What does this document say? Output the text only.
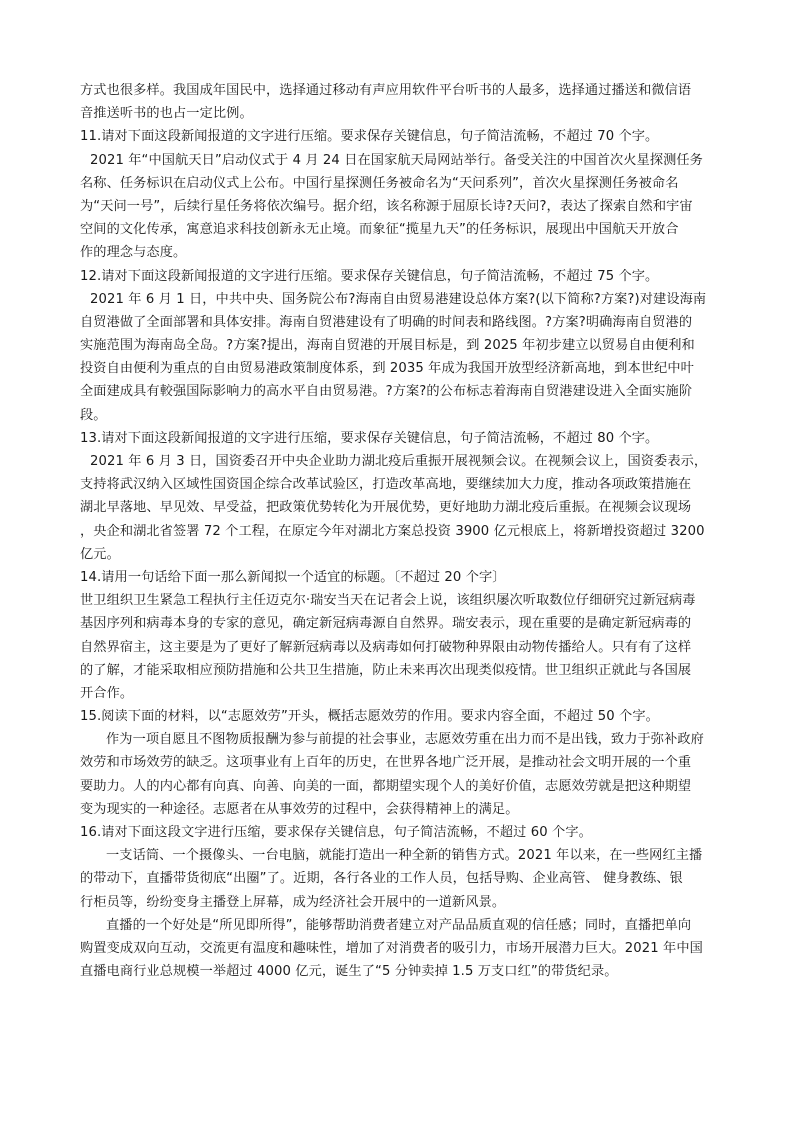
方式也很多样。我国成年国民中，选择通过移动有声应用软件平台听书的人最多，选择通过播送和微信语
音推送听书的也占一定比例。
11.请对下面这段新闻报道的文字进行压缩。要求保存关键信息，句子简洁流畅，不超过 70 个字。
2021 年“中国航天日”启动仪式于 4 月 24 日在国家航天局网站举行。备受关注的中国首次火星探测任务
名称、任务标识在启动仪式上公布。中国行星探测任务被命名为“天问系列”，首次火星探测任务被命名
为“天问一号”，后续行星任务将依次编号。据介绍，该名称源于屈原长诗?天问?，表达了探索自然和宇宙
空间的文化传承，寓意追求科技创新永无止境。而象征“揽星九天”的任务标识，展现出中国航天开放合
作的理念与态度。
12.请对下面这段新闻报道的文字进行压缩。要求保存关键信息，句子简洁流畅，不超过 75 个字。
2021 年 6 月 1 日，中共中央、国务院公布?海南自由贸易港建设总体方案?(以下简称?方案?)对建设海南
自贸港做了全面部署和具体安排。海南自贸港建设有了明确的时间表和路线图。?方案?明确海南自贸港的
实施范围为海南岛全岛。?方案?提出，海南自贸港的开展目标是，到 2025 年初步建立以贸易自由便利和
投资自由便利为重点的自由贸易港政策制度体系，到 2035 年成为我国开放型经济新高地，到本世纪中叶
全面建成具有較强国际影响力的高水平自由贸易港。?方案?的公布标志着海南自贸港建设进入全面实施阶
段。
13.请对下面这段新闻报道的文字进行压缩，要求保存关键信息，句子简洁流畅，不超过 80 个字。
2021 年 6 月 3 日，国资委召开中央企业助力湖北疫后重振开展视频会议。在视频会议上，国资委表示，
支持将武汉纳入区域性国资国企综合改革试验区，打造改革高地，要继续加大力度，推动各项政策措施在
湖北早落地、早见效、早受益，把政策优势转化为开展优势，更好地助力湖北疫后重振。在视频会议现场
，央企和湖北省签署 72 个工程，在原定今年对湖北方案总投资 3900 亿元根底上，将新增投资超过 3200
亿元。
14.请用一句话给下面一那么新闻拟一个适宜的标题。〔不超过 20 个字〕
世卫组织卫生紧急工程执行主任迈克尔·瑞安当天在记者会上说，该组织屡次听取数位仔细研究过新冠病毒
基因序列和病毒本身的专家的意见，确定新冠病毒源自自然界。瑞安表示，现在重要的是确定新冠病毒的
自然界宿主，这主要是为了更好了解新冠病毒以及病毒如何打破物种界限由动物传播给人。只有有了这样
的了解，才能采取相应预防措施和公共卫生措施，防止未来再次出现类似疫情。世卫组织正就此与各国展
开合作。
15.阅读下面的材料，以“志愿效劳”开头，概括志愿效劳的作用。要求内容全面，不超过 50 个字。
作为一项自愿且不图物质报酬为参与前提的社会事业，志愿效劳重在出力而不是出钱，致力于弥补政府
效劳和市场效劳的缺乏。这项事业有上百年的历史，在世界各地广泛开展，是推动社会文明开展的一个重
要助力。人的内心都有向真、向善、向美的一面，都期望实现个人的美好价值，志愿效劳就是把这种期望
变为现实的一种途径。志愿者在从事效劳的过程中，会获得精神上的满足。
16.请对下面这段文字进行压缩，要求保存关键信息，句子简洁流畅，不超过 60 个字。
一支话筒、一个摄像头、一台电脑，就能打造出一种全新的销售方式。2021 年以来，在一些网红主播
的带动下，直播带货彻底“出圈”了。近期，各行各业的工作人员，包括导购、企业高管、 健身教练、银
行柜员等，纷纷变身主播登上屏幕，成为经济社会开展中的一道新风景。
直播的一个好处是“所见即所得”，能够帮助消费者建立对产品品质直观的信任感；同时，直播把单向
购置变成双向互动，交流更有温度和趣味性，增加了对消费者的吸引力，市场开展潜力巨大。2021 年中国
直播电商行业总规模一举超过 4000 亿元，诞生了“5 分钟卖掉 1.5 万支口红”的带货纪录。
